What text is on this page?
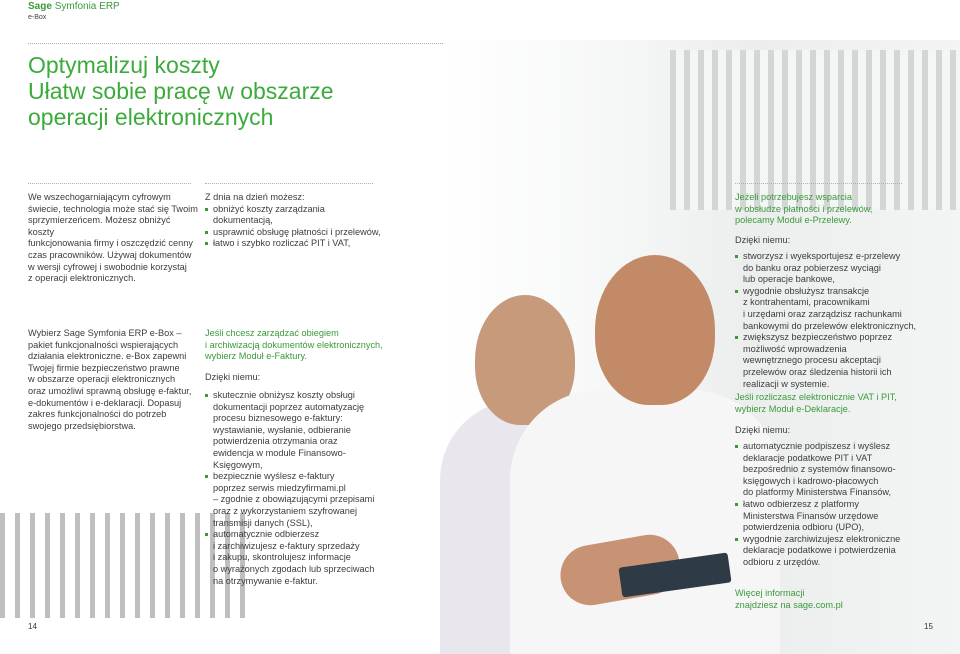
Sage Symfonia ERP
e-Box
Optymalizuj koszty
Ułatw sobie pracę w obszarze
operacji elektronicznych
We wszechogarniającym cyfrowym
świecie, technologia może stać się Twoim
sprzymierzeńcem. Możesz obniżyć koszty
funkcjonowania firmy i oszczędzić cenny
czas pracowników. Używaj dokumentów
w wersji cyfrowej i swobodnie korzystaj
z operacji elektronicznych.
Wybierz Sage Symfonia ERP e-Box –
pakiet funkcjonalności wspierających
działania elektroniczne. e-Box zapewni
Twojej firmie bezpieczeństwo prawne
w obszarze operacji elektronicznych
oraz umożliwi sprawną obsługę e-faktur,
e-dokumentów i e-deklaracji. Dopasuj
zakres funkcjonalności do potrzeb
swojego przedsiębiorstwa.
Z dnia na dzień możesz:
obniżyć koszty zarządzania dokumentacją,
usprawnić obsługę płatności i przelewów,
łatwo i szybko rozliczać PIT i VAT,
Jeśli chcesz zarządzać obiegiem
i archiwizacją dokumentów elektronicznych,
wybierz Moduł e-Faktury.
Dzięki niemu:
skutecznie obniżysz koszty obsługi
dokumentacji poprzez automatyzację
procesu biznesowego e-faktury:
wystawianie, wysłanie, odbieranie
potwierdzenia otrzymania oraz
ewidencja w module Finansowo-
Księgowym,
bezpiecznie wyślesz e-faktury
poprzez serwis miedzyfirmami.pl
– zgodnie z obowiązującymi przepisami
oraz z wykorzystaniem szyfrowanej
transmisji danych (SSL),
automatycznie odbierzesz
i zarchiwizujesz e-faktury sprzedaży
i zakupu, skontrolujesz informacje
o wyrażonych zgodach lub sprzeciwach
na otrzymywanie e-faktur.
Jeżeli potrzebujesz wsparcia
w obsłudze płatności i przelewów,
polecamy Moduł e-Przelewy.
Dzięki niemu:
stworzysz i wyeksportujesz e-przelewy
do banku oraz pobierzesz wyciągi
lub operacje bankowe,
wygodnie obsłużysz transakcje
z kontrahentami, pracownikami
i urzędami oraz zarządzisz rachunkami
bankowymi do przelewów elektronicznych,
zwiększysz bezpieczeństwo poprzez
możliwość wprowadzenia
wewnętrznego procesu akceptacji
przelewów oraz śledzenia historii ich
realizacji w systemie.
Jeśli rozliczasz elektronicznie VAT i PIT,
wybierz Moduł e-Deklaracje.
Dzięki niemu:
automatycznie podpiszesz i wyślesz
deklaracje podatkowe PIT i VAT
bezpośrednio z systemów finansowo-
księgowych i kadrowo-płacowych
do platformy Ministerstwa Finansów,
łatwo odbierzesz z platformy
Ministerstwa Finansów urzędowe
potwierdzenia odbioru (UPO),
wygodnie zarchiwizujesz elektroniczne
deklaracje podatkowe i potwierdzenia
odbioru z urzędów.
Więcej informacji
znajdziesz na sage.com.pl
14	15
